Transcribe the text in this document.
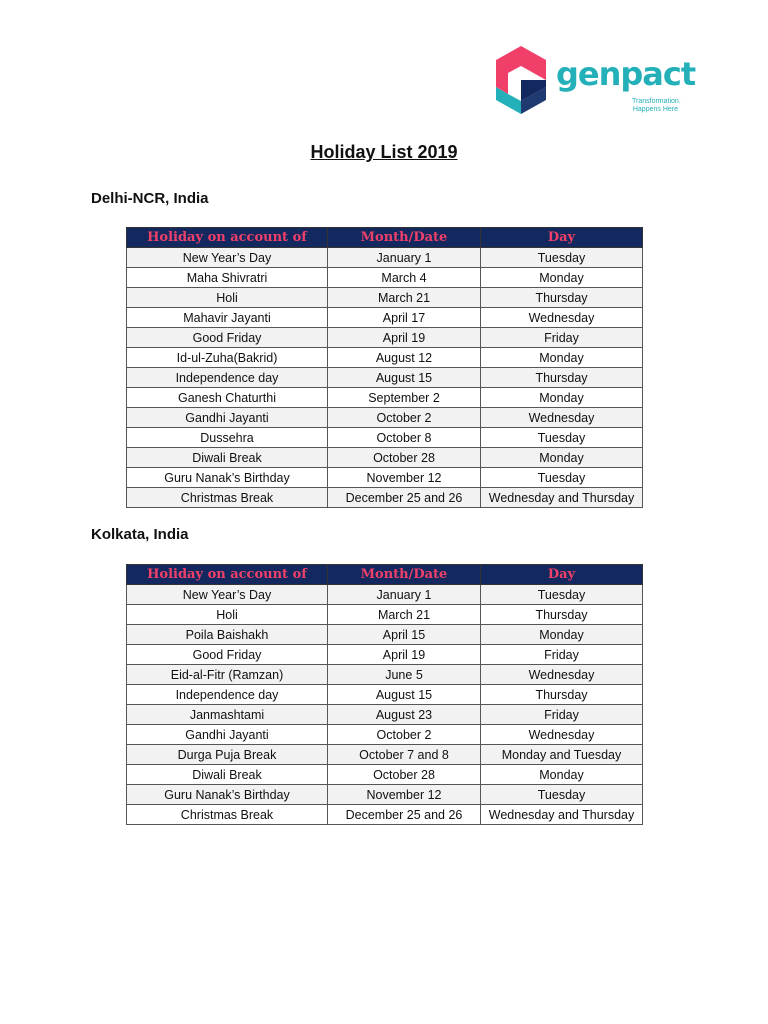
genpact
Transformation.
Happens Here
Holiday List 2019
Delhi-NCR, India
Holiday on account of	Month/Date	Day
New Year’s Day	January 1	Tuesday
Maha Shivratri	March 4	Monday
Holi	March 21	Thursday
Mahavir Jayanti	April 17	Wednesday
Good Friday	April 19	Friday
Id-ul-Zuha(Bakrid)	August 12	Monday
Independence day	August 15	Thursday
Ganesh Chaturthi	September 2	Monday
Gandhi Jayanti	October 2	Wednesday
Dussehra	October 8	Tuesday
Diwali Break	October 28	Monday
Guru Nanak’s Birthday	November 12	Tuesday
Christmas Break	December 25 and 26	Wednesday and Thursday
Kolkata, India
Holiday on account of	Month/Date	Day
New Year’s Day	January 1	Tuesday
Holi	March 21	Thursday
Poila Baishakh	April 15	Monday
Good Friday	April 19	Friday
Eid-al-Fitr (Ramzan)	June 5	Wednesday
Independence day	August 15	Thursday
Janmashtami	August 23	Friday
Gandhi Jayanti	October 2	Wednesday
Durga Puja Break	October 7 and 8	Monday and Tuesday
Diwali Break	October 28	Monday
Guru Nanak’s Birthday	November 12	Tuesday
Christmas Break	December 25 and 26	Wednesday and Thursday
